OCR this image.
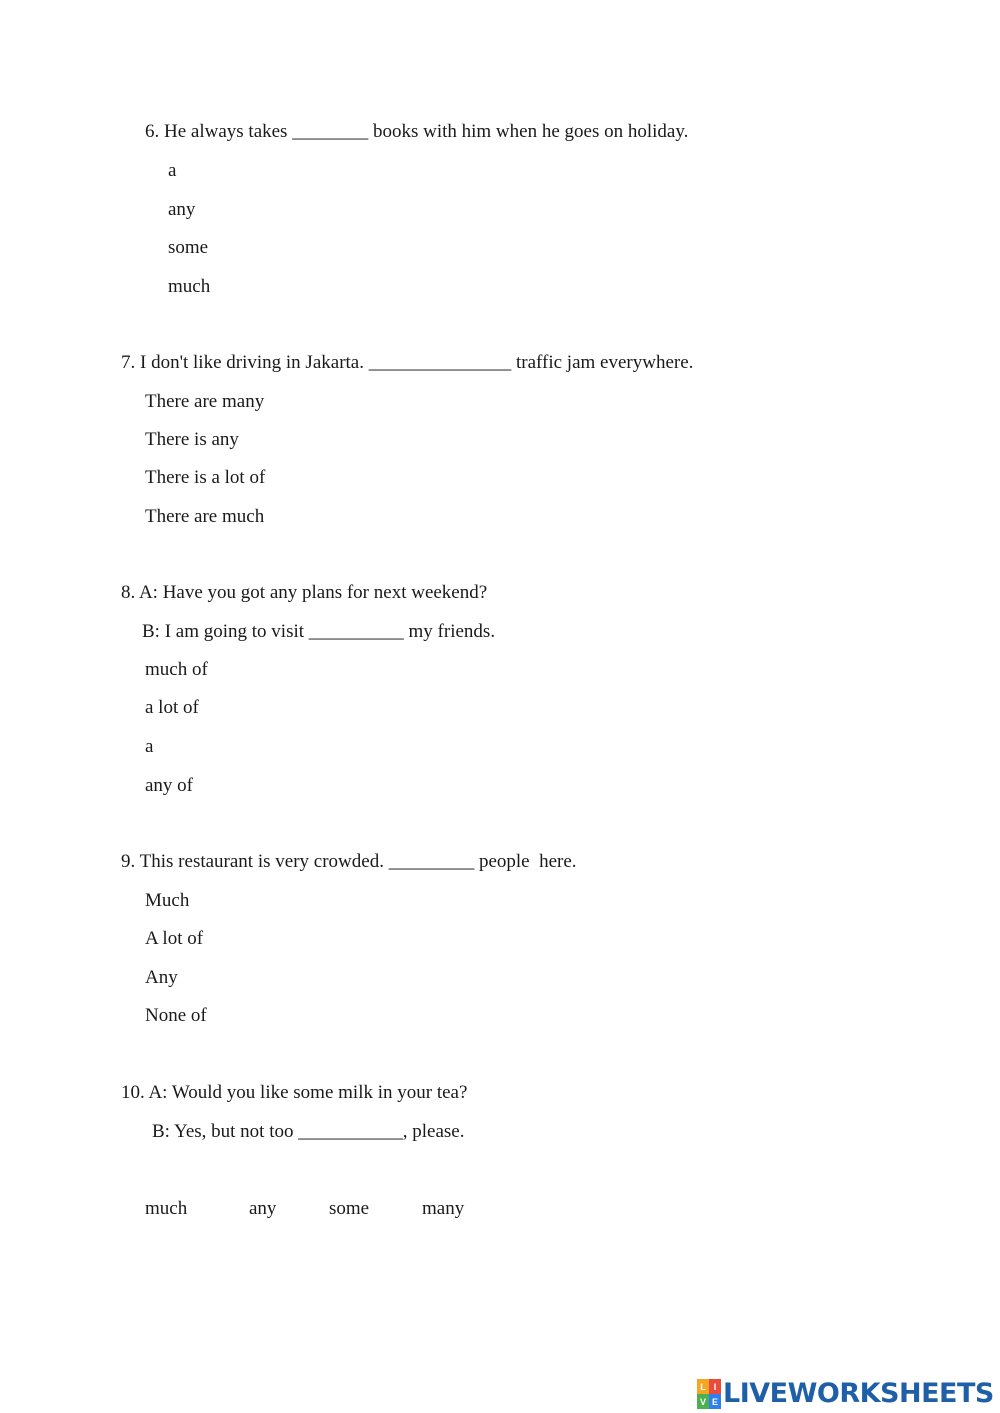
6. He always takes ________ books with him when he goes on holiday.
a
any
some
much
7. I don't like driving in Jakarta. _______________ traffic jam everywhere.
There are many
There is any
There is a lot of
There are much
8. A: Have you got any plans for next weekend?
B: I am going to visit __________ my friends.
much of
a lot of
a
any of
9. This restaurant is very crowded. _________ people  here.
Much
A lot of
Any
None of
10. A: Would you like some milk in your tea?
B: Yes, but not too ___________, please.
much	any	some	many
L I
V E LIVEWORKSHEETS
